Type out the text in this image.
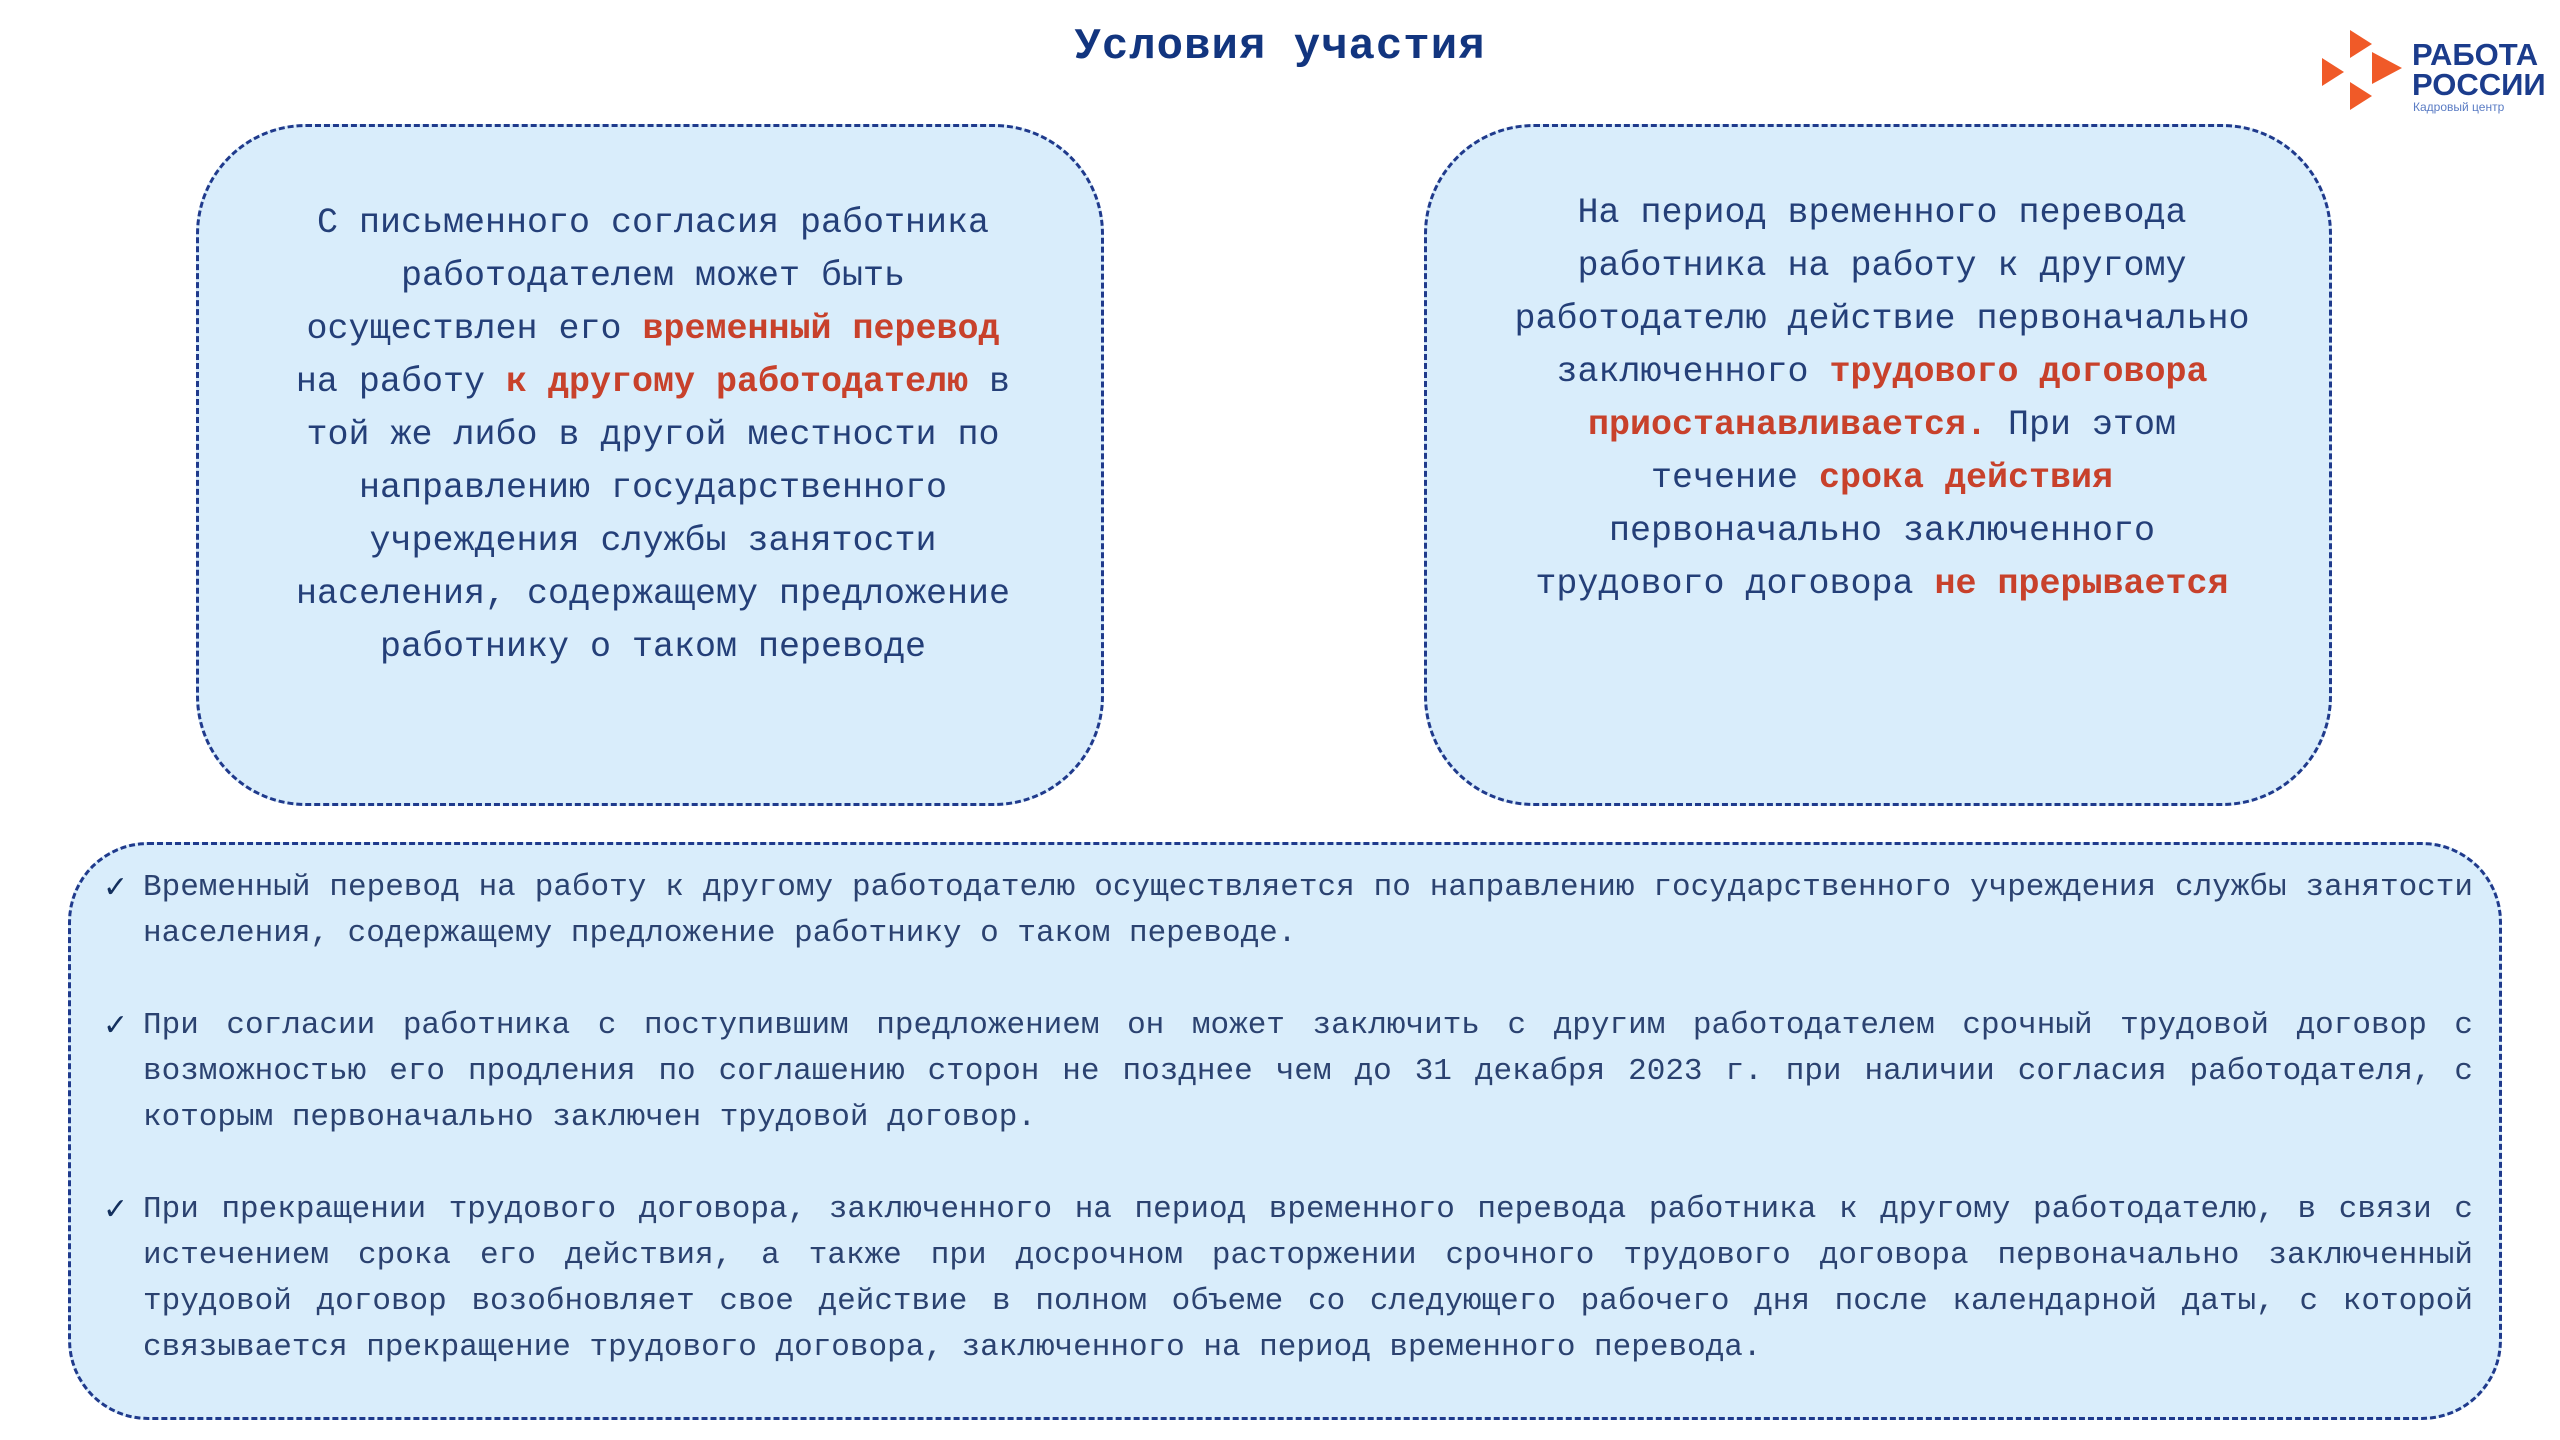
Условия участия	РАБОТА
РОССИИ
Кадровый центр
С письменного согласия работника работодателем может быть осуществлен его временный перевод на работу к другому работодателю в той же либо в другой местности по направлению государственного учреждения службы занятости населения, содержащему предложение работнику о таком переводе
На период временного перевода работника на работу к другому работодателю действие первоначально заключенного трудового договора приостанавливается. При этом течение срока действия первоначально заключенного трудового договора не прерывается
✓ Временный перевод на работу к другому работодателю осуществляется по направлению государственного учреждения службы занятости населения, содержащему предложение работнику о таком переводе.
✓ При согласии работника с поступившим предложением он может заключить с другим работодателем срочный трудовой договор с возможностью его продления по соглашению сторон не позднее чем до 31 декабря 2023 г. при наличии согласия работодателя, с которым первоначально заключен трудовой договор.
✓ При прекращении трудового договора, заключенного на период временного перевода работника к другому работодателю, в связи с истечением срока его действия, а также при досрочном расторжении срочного трудового договора первоначально заключенный трудовой договор возобновляет свое действие в полном объеме со следующего рабочего дня после календарной даты, с которой связывается прекращение трудового договора, заключенного на период временного перевода.
